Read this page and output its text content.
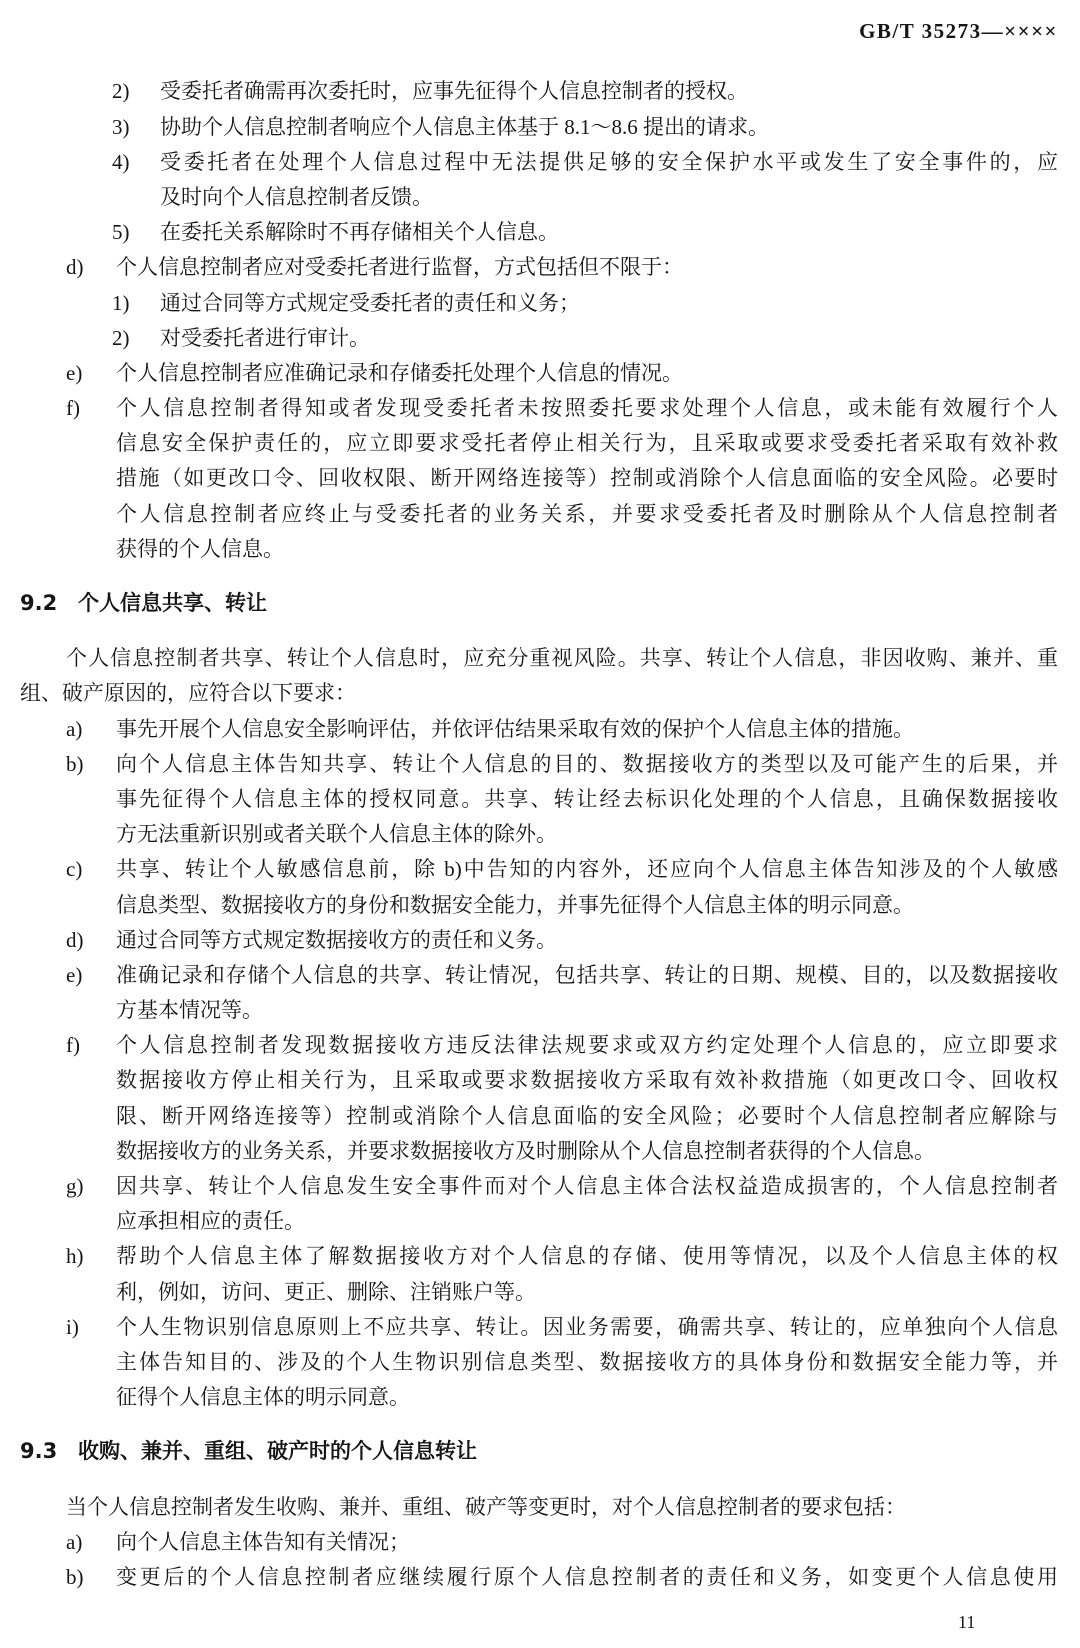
GB/T 35273—××××
2) 受委托者确需再次委托时，应事先征得个人信息控制者的授权。
3) 协助个人信息控制者响应个人信息主体基于 8.1～8.6 提出的请求。
4) 受委托者在处理个人信息过程中无法提供足够的安全保护水平或发生了安全事件的，应
及时向个人信息控制者反馈。
5) 在委托关系解除时不再存储相关个人信息。
d) 个人信息控制者应对受委托者进行监督，方式包括但不限于：
1) 通过合同等方式规定受委托者的责任和义务；
2) 对受委托者进行审计。
e) 个人信息控制者应准确记录和存储委托处理个人信息的情况。
f) 个人信息控制者得知或者发现受委托者未按照委托要求处理个人信息，或未能有效履行个人
信息安全保护责任的，应立即要求受托者停止相关行为，且采取或要求受委托者采取有效补救
措施（如更改口令、回收权限、断开网络连接等）控制或消除个人信息面临的安全风险。必要时
个人信息控制者应终止与受委托者的业务关系，并要求受委托者及时删除从个人信息控制者
获得的个人信息。
9.2 个人信息共享、转让
个人信息控制者共享、转让个人信息时，应充分重视风险。共享、转让个人信息，非因收购、兼并、重
组、破产原因的，应符合以下要求：
a) 事先开展个人信息安全影响评估，并依评估结果采取有效的保护个人信息主体的措施。
b) 向个人信息主体告知共享、转让个人信息的目的、数据接收方的类型以及可能产生的后果，并
事先征得个人信息主体的授权同意。共享、转让经去标识化处理的个人信息，且确保数据接收
方无法重新识别或者关联个人信息主体的除外。
c) 共享、转让个人敏感信息前，除 b)中告知的内容外，还应向个人信息主体告知涉及的个人敏感
信息类型、数据接收方的身份和数据安全能力，并事先征得个人信息主体的明示同意。
d) 通过合同等方式规定数据接收方的责任和义务。
e) 准确记录和存储个人信息的共享、转让情况，包括共享、转让的日期、规模、目的，以及数据接收
方基本情况等。
f) 个人信息控制者发现数据接收方违反法律法规要求或双方约定处理个人信息的，应立即要求
数据接收方停止相关行为，且采取或要求数据接收方采取有效补救措施（如更改口令、回收权
限、断开网络连接等）控制或消除个人信息面临的安全风险；必要时个人信息控制者应解除与
数据接收方的业务关系，并要求数据接收方及时删除从个人信息控制者获得的个人信息。
g) 因共享、转让个人信息发生安全事件而对个人信息主体合法权益造成损害的，个人信息控制者
应承担相应的责任。
h) 帮助个人信息主体了解数据接收方对个人信息的存储、使用等情况，以及个人信息主体的权
利，例如，访问、更正、删除、注销账户等。
i) 个人生物识别信息原则上不应共享、转让。因业务需要，确需共享、转让的，应单独向个人信息
主体告知目的、涉及的个人生物识别信息类型、数据接收方的具体身份和数据安全能力等，并
征得个人信息主体的明示同意。
9.3 收购、兼并、重组、破产时的个人信息转让
当个人信息控制者发生收购、兼并、重组、破产等变更时，对个人信息控制者的要求包括：
a) 向个人信息主体告知有关情况；
b) 变更后的个人信息控制者应继续履行原个人信息控制者的责任和义务，如变更个人信息使用
11
